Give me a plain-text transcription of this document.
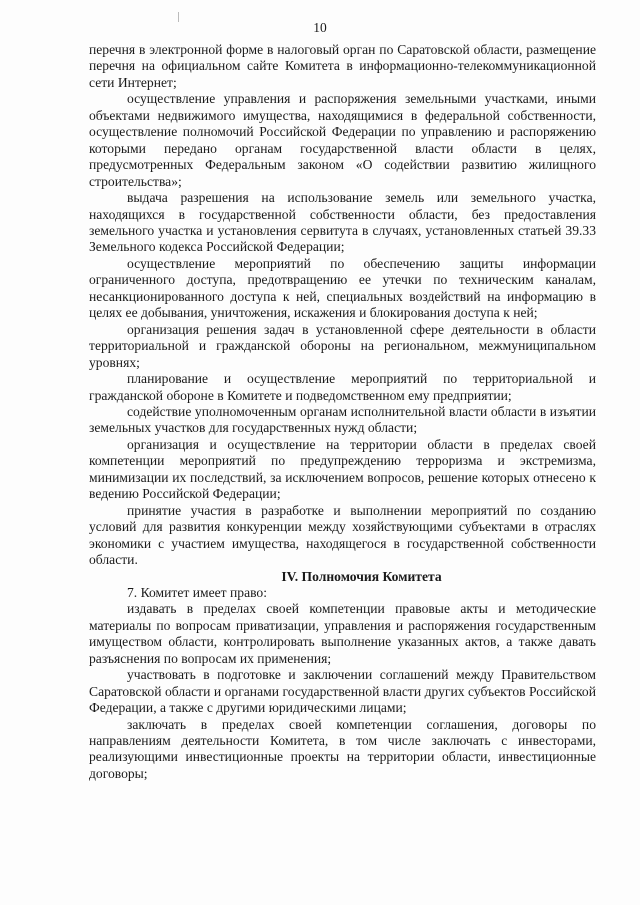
10

перечня в электронной форме в налоговый орган по Саратовской области, размещение перечня на официальном сайте Комитета в информационно-телекоммуникационной сети Интернет;

осуществление управления и распоряжения земельными участками, иными объектами недвижимого имущества, находящимися в федеральной собственности, осуществление полномочий Российской Федерации по управлению и распоряжению которыми передано органам государственной власти области в целях, предусмотренных Федеральным законом «О содействии развитию жилищного строительства»;

выдача разрешения на использование земель или земельного участка, находящихся в государственной собственности области, без предоставления земельного участка и установления сервитута в случаях, установленных статьей 39.33 Земельного кодекса Российской Федерации;

осуществление мероприятий по обеспечению защиты информации ограниченного доступа, предотвращению ее утечки по техническим каналам, несанкционированного доступа к ней, специальных воздействий на информацию в целях ее добывания, уничтожения, искажения и блокирования доступа к ней;

организация решения задач в установленной сфере деятельности в области территориальной и гражданской обороны на региональном, межмуниципальном уровнях;

планирование и осуществление мероприятий по территориальной и гражданской обороне в Комитете и подведомственном ему предприятии;

содействие уполномоченным органам исполнительной власти области в изъятии земельных участков для государственных нужд области;

организация и осуществление на территории области в пределах своей компетенции мероприятий по предупреждению терроризма и экстремизма, минимизации их последствий, за исключением вопросов, решение которых отнесено к ведению Российской Федерации;

принятие участия в разработке и выполнении мероприятий по созданию условий для развития конкуренции между хозяйствующими субъектами в отраслях экономики с участием имущества, находящегося в государственной собственности области.

IV. Полномочия Комитета

7. Комитет имеет право:

издавать в пределах своей компетенции правовые акты и методические материалы по вопросам приватизации, управления и распоряжения государственным имуществом области, контролировать выполнение указанных актов, а также давать разъяснения по вопросам их применения;

участвовать в подготовке и заключении соглашений между Правительством Саратовской области и органами государственной власти других субъектов Российской Федерации, а также с другими юридическими лицами;

заключать в пределах своей компетенции соглашения, договоры по направлениям деятельности Комитета, в том числе заключать с инвесторами, реализующими инвестиционные проекты на территории области, инвестиционные договоры;
